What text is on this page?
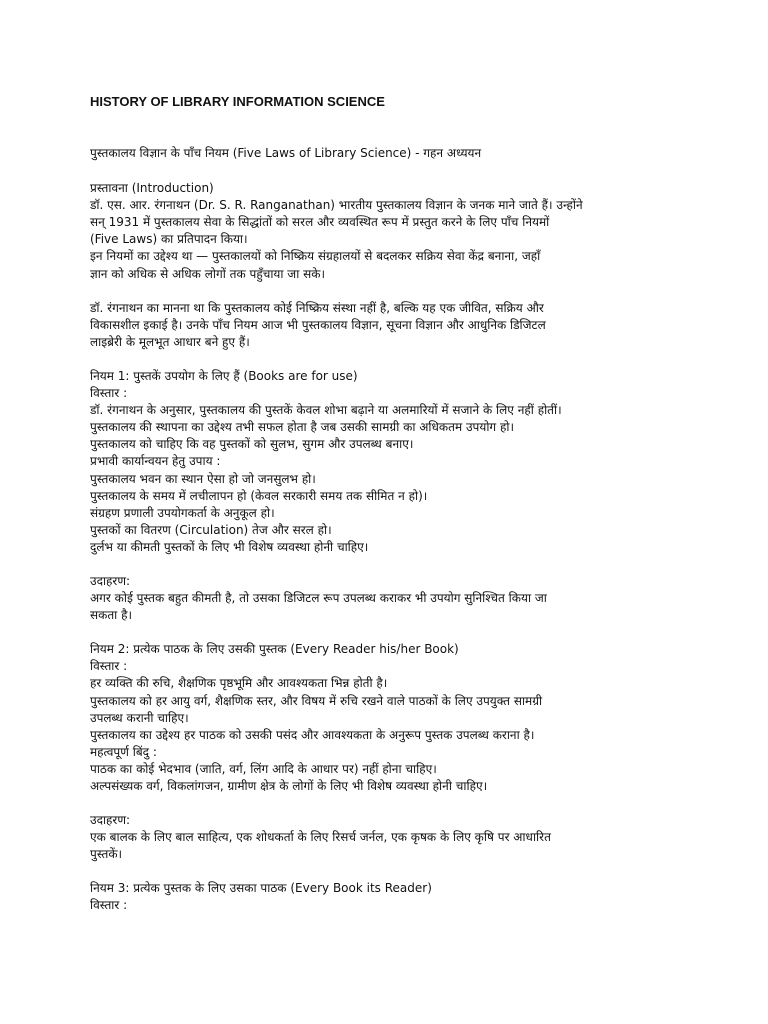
HISTORY OF LIBRARY INFORMATION SCIENCE
पुस्तकालय विज्ञान के पाँच नियम (Five Laws of Library Science) - गहन अध्ययन
प्रस्तावना (Introduction)
डॉ. एस. आर. रंगनाथन (Dr. S. R. Ranganathan) भारतीय पुस्तकालय विज्ञान के जनक माने जाते हैं। उन्होंने
सन् 1931 में पुस्तकालय सेवा के सिद्धांतों को सरल और व्यवस्थित रूप में प्रस्तुत करने के लिए पाँच नियमों
(Five Laws) का प्रतिपादन किया।
इन नियमों का उद्देश्य था — पुस्तकालयों को निष्क्रिय संग्रहालयों से बदलकर सक्रिय सेवा केंद्र बनाना, जहाँ
ज्ञान को अधिक से अधिक लोगों तक पहुँचाया जा सके।
डॉ. रंगनाथन का मानना था कि पुस्तकालय कोई निष्क्रिय संस्था नहीं है, बल्कि यह एक जीवित, सक्रिय और
विकासशील इकाई है। उनके पाँच नियम आज भी पुस्तकालय विज्ञान, सूचना विज्ञान और आधुनिक डिजिटल
लाइब्रेरी के मूलभूत आधार बने हुए हैं।
नियम 1: पुस्तकें उपयोग के लिए हैं (Books are for use)
विस्तार :
डॉ. रंगनाथन के अनुसार, पुस्तकालय की पुस्तकें केवल शोभा बढ़ाने या अलमारियों में सजाने के लिए नहीं होतीं।
पुस्तकालय की स्थापना का उद्देश्य तभी सफल होता है जब उसकी सामग्री का अधिकतम उपयोग हो।
पुस्तकालय को चाहिए कि वह पुस्तकों को सुलभ, सुगम और उपलब्ध बनाए।
प्रभावी कार्यान्वयन हेतु उपाय :
पुस्तकालय भवन का स्थान ऐसा हो जो जनसुलभ हो।
पुस्तकालय के समय में लचीलापन हो (केवल सरकारी समय तक सीमित न हो)।
संग्रहण प्रणाली उपयोगकर्ता के अनुकूल हो।
पुस्तकों का वितरण (Circulation) तेज और सरल हो।
दुर्लभ या कीमती पुस्तकों के लिए भी विशेष व्यवस्था होनी चाहिए।
उदाहरण:
अगर कोई पुस्तक बहुत कीमती है, तो उसका डिजिटल रूप उपलब्ध कराकर भी उपयोग सुनिश्चित किया जा
सकता है।
नियम 2: प्रत्येक पाठक के लिए उसकी पुस्तक (Every Reader his/her Book)
विस्तार :
हर व्यक्ति की रुचि, शैक्षणिक पृष्ठभूमि और आवश्यकता भिन्न होती है।
पुस्तकालय को हर आयु वर्ग, शैक्षणिक स्तर, और विषय में रुचि रखने वाले पाठकों के लिए उपयुक्त सामग्री
उपलब्ध करानी चाहिए।
पुस्तकालय का उद्देश्य हर पाठक को उसकी पसंद और आवश्यकता के अनुरूप पुस्तक उपलब्ध कराना है।
महत्वपूर्ण बिंदु :
पाठक का कोई भेदभाव (जाति, वर्ग, लिंग आदि के आधार पर) नहीं होना चाहिए।
अल्पसंख्यक वर्ग, विकलांगजन, ग्रामीण क्षेत्र के लोगों के लिए भी विशेष व्यवस्था होनी चाहिए।
उदाहरण:
एक बालक के लिए बाल साहित्य, एक शोधकर्ता के लिए रिसर्च जर्नल, एक कृषक के लिए कृषि पर आधारित
पुस्तकें।
नियम 3: प्रत्येक पुस्तक के लिए उसका पाठक (Every Book its Reader)
विस्तार :
